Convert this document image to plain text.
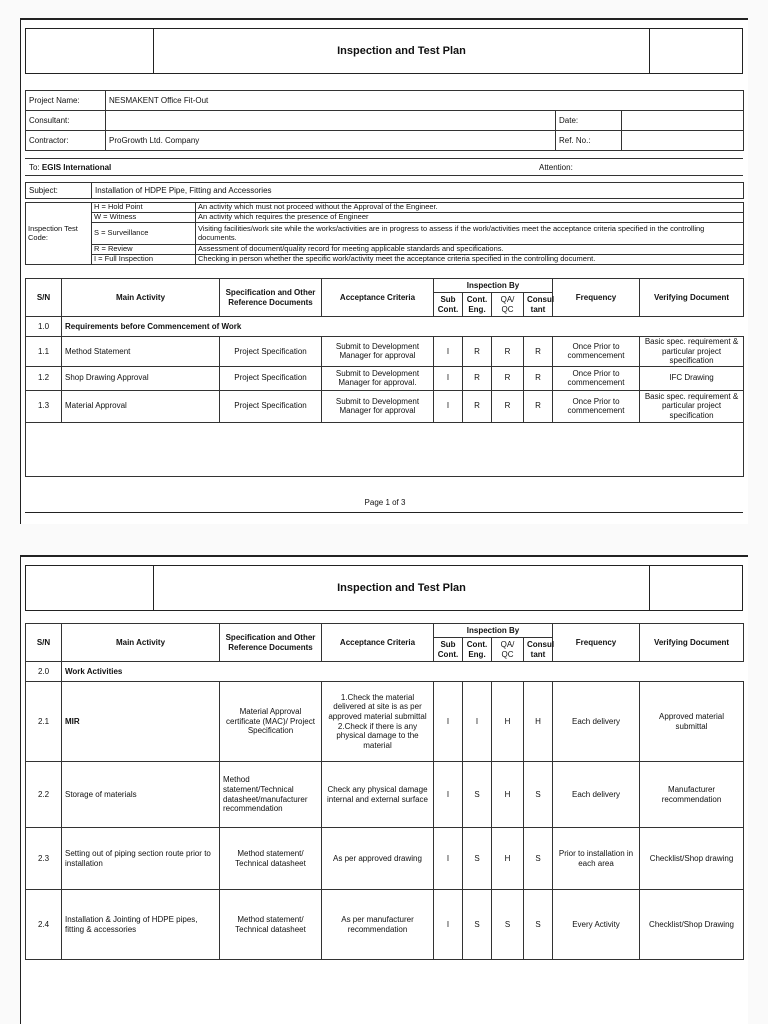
Inspection and Test Plan
Project Name:	NESMAKENT Office Fit-Out		
Consultant:		Date:	
Contractor:	ProGrowth Ltd. Company	Ref. No.:	
To:
EGIS International	Attention:
Subject:	Installation of HDPE Pipe, Fitting and Accessories
Inspection Test Code:	H = Hold Point	An activity which must not proceed without the Approval of the Engineer.
	W = Witness	An activity which requires the presence of Engineer
	S = Surveillance	Visiting facilities/work site while the works/activities are in progress to assess if the work/activities meet the acceptance criteria specified in the controlling documents.
	R = Review	Assessment of document/quality record for meeting applicable standards and specifications.
	I = Full Inspection	Checking in person whether the specific work/activity meet the acceptance criteria specified in the controlling document.
S/N	Main Activity	Specification and Other Reference Documents	Acceptance Criteria	Inspection By				Frequency	Verifying Document
				Sub Cont.	Cont. Eng.	QA/ QC	Consul tant		
1.0	Requirements before Commencement of Work								
1.1	Method Statement	Project Specification	Submit to Development Manager for approval	I	R	R	R	Once Prior to commencement	Basic spec. requirement & particular project specification
1.2	Shop Drawing Approval	Project Specification	Submit to Development Manager for approval.	I	R	R	R	Once Prior to commencement	IFC Drawing
1.3	Material Approval	Project Specification	Submit to Development Manager for approval	I	R	R	R	Once Prior to commencement	Basic spec. requirement & particular project specification

Page 1 of 3
Inspection and Test Plan
S/N	Main Activity	Specification and Other Reference Documents	Acceptance Criteria	Inspection By				Frequency	Verifying Document
				Sub Cont.	Cont. Eng.	QA/ QC	Consul tant		
2.0	Work Activities								
2.1	MIR	Material Approval certificate (MAC)/ Project Specification	1.Check the material delivered at site is as per approved material submittal 2.Check if there is any physical damage to the material	I	I	H	H	Each delivery	Approved material submittal
2.2	Storage of materials	Method statement/Technical datasheet/manufacturer recommendation	Check any physical damage internal and external surface	I	S	H	S	Each delivery	Manufacturer recommendation
2.3	Setting out of piping section route prior to installation	Method statement/ Technical datasheet	As per approved drawing	I	S	H	S	Prior to installation in each area	Checklist/Shop drawing
2.4	Installation & Jointing of HDPE pipes, fitting & accessories	Method statement/ Technical datasheet	As per manufacturer recommendation	I	S	S	S	Every Activity	Checklist/Shop Drawing
